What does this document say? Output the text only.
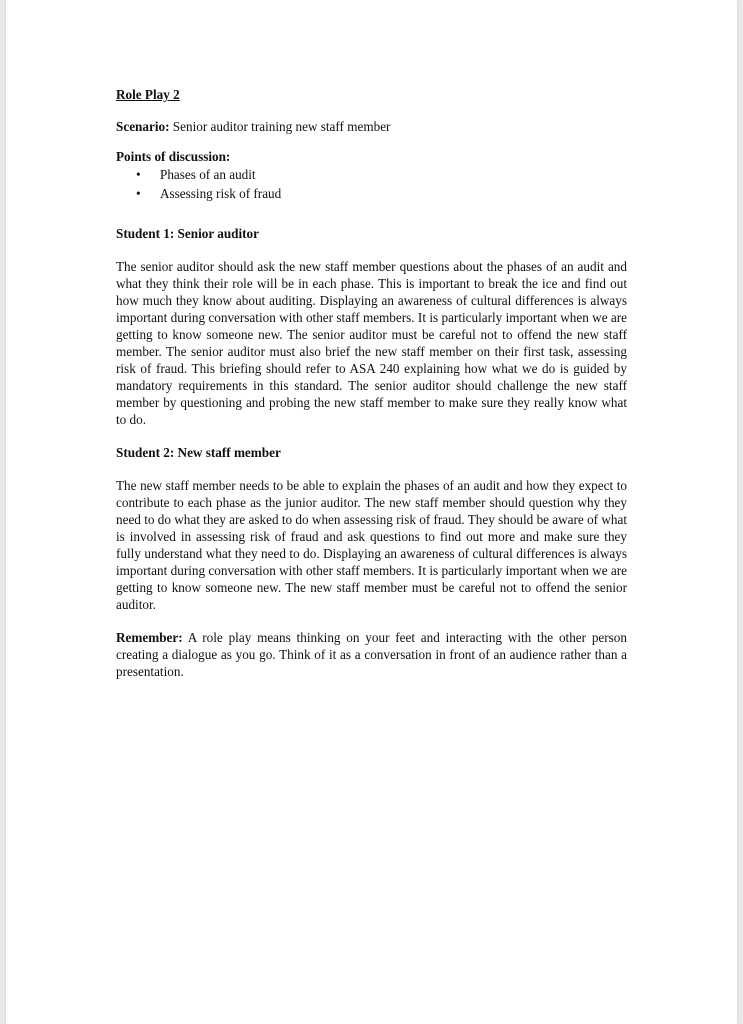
Role Play 2
Scenario: Senior auditor training new staff member
Points of discussion:
• Phases of an audit
• Assessing risk of fraud
Student 1: Senior auditor
The senior auditor should ask the new staff member questions about the phases of an audit and what they think their role will be in each phase. This is important to break the ice and find out how much they know about auditing. Displaying an awareness of cultural differences is always important during conversation with other staff members. It is particularly important when we are getting to know someone new. The senior auditor must be careful not to offend the new staff member. The senior auditor must also brief the new staff member on their first task, assessing risk of fraud. This briefing should refer to ASA 240 explaining how what we do is guided by mandatory requirements in this standard. The senior auditor should challenge the new staff member by questioning and probing the new staff member to make sure they really know what to do.
Student 2: New staff member
The new staff member needs to be able to explain the phases of an audit and how they expect to contribute to each phase as the junior auditor. The new staff member should question why they need to do what they are asked to do when assessing risk of fraud. They should be aware of what is involved in assessing risk of fraud and ask questions to find out more and make sure they fully understand what they need to do. Displaying an awareness of cultural differences is always important during conversation with other staff members. It is particularly important when we are getting to know someone new. The new staff member must be careful not to offend the senior auditor.
Remember: A role play means thinking on your feet and interacting with the other person creating a dialogue as you go. Think of it as a conversation in front of an audience rather than a presentation.
